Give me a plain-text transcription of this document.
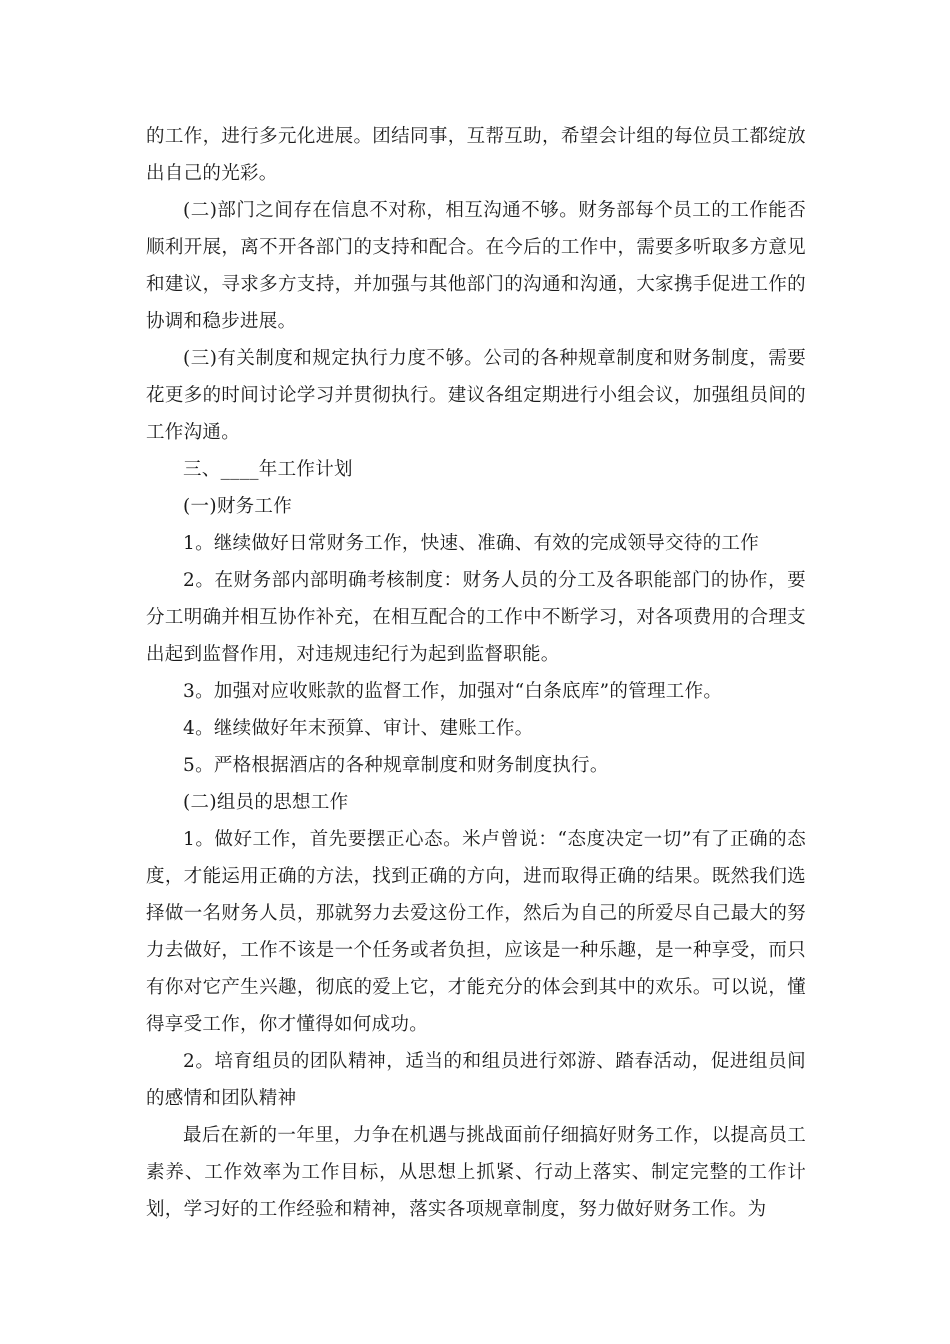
的工作，进行多元化进展。团结同事，互帮互助，希望会计组的每位员工都绽放出自己的光彩。

(二)部门之间存在信息不对称，相互沟通不够。财务部每个员工的工作能否顺利开展，离不开各部门的支持和配合。在今后的工作中，需要多听取多方意见和建议，寻求多方支持，并加强与其他部门的沟通和沟通，大家携手促进工作的协调和稳步进展。

(三)有关制度和规定执行力度不够。公司的各种规章制度和财务制度，需要花更多的时间讨论学习并贯彻执行。建议各组定期进行小组会议，加强组员间的工作沟通。

三、____年工作计划

(一)财务工作

1。继续做好日常财务工作，快速、准确、有效的完成领导交待的工作

2。在财务部内部明确考核制度：财务人员的分工及各职能部门的协作，要分工明确并相互协作补充，在相互配合的工作中不断学习，对各项费用的合理支出起到监督作用，对违规违纪行为起到监督职能。

3。加强对应收账款的监督工作，加强对“白条底库”的管理工作。

4。继续做好年末预算、审计、建账工作。

5。严格根据酒店的各种规章制度和财务制度执行。

(二)组员的思想工作

1。做好工作，首先要摆正心态。米卢曾说：“态度决定一切”有了正确的态度，才能运用正确的方法，找到正确的方向，进而取得正确的结果。既然我们选择做一名财务人员，那就努力去爱这份工作，然后为自己的所爱尽自己最大的努力去做好，工作不该是一个任务或者负担，应该是一种乐趣，是一种享受，而只有你对它产生兴趣，彻底的爱上它，才能充分的体会到其中的欢乐。可以说，懂得享受工作，你才懂得如何成功。

2。培育组员的团队精神，适当的和组员进行郊游、踏春活动，促进组员间的感情和团队精神

最后在新的一年里，力争在机遇与挑战面前仔细搞好财务工作，以提高员工素养、工作效率为工作目标，从思想上抓紧、行动上落实、制定完整的工作计划，学习好的工作经验和精神，落实各项规章制度，努力做好财务工作。为
